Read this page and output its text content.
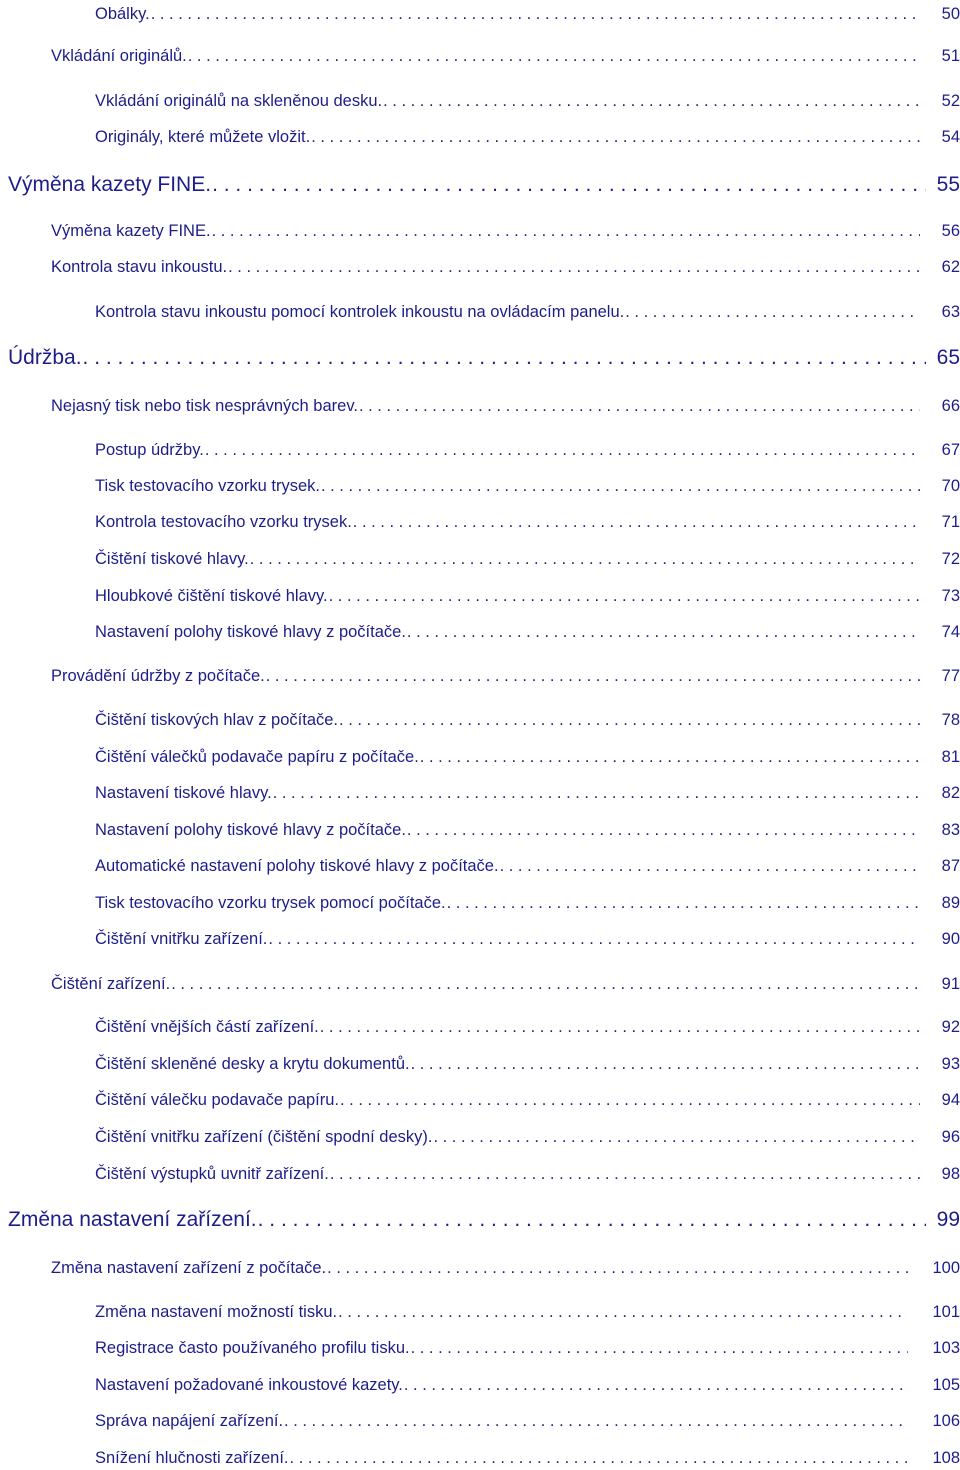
Obálky. . . .	50
Vkládání originálů. . . .	51
Vkládání originálů na skleněnou desku. . . .	52
Originály, které můžete vložit. . . .	54
Výměna kazety FINE. . . .	55
Výměna kazety FINE. . . .	56
Kontrola stavu inkoustu. . . .	62
Kontrola stavu inkoustu pomocí kontrolek inkoustu na ovládacím panelu. . . .	63
Údržba. . . .	65
Nejasný tisk nebo tisk nesprávných barev. . . .	66
Postup údržby. . . .	67
Tisk testovacího vzorku trysek. . . .	70
Kontrola testovacího vzorku trysek. . . .	71
Čištění tiskové hlavy. . . .	72
Hloubkové čištění tiskové hlavy. . . .	73
Nastavení polohy tiskové hlavy z počítače. . . .	74
Provádění údržby z počítače. . . .	77
Čištění tiskových hlav z počítače. . . .	78
Čištění válečků podavače papíru z počítače. . . .	81
Nastavení tiskové hlavy. . . .	82
Nastavení polohy tiskové hlavy z počítače. . . .	83
Automatické nastavení polohy tiskové hlavy z počítače. . . .	87
Tisk testovacího vzorku trysek pomocí počítače. . . .	89
Čištění vnitřku zařízení. . . .	90
Čištění zařízení. . . .	91
Čištění vnějších částí zařízení. . . .	92
Čištění skleněné desky a krytu dokumentů. . . .	93
Čištění válečku podavače papíru. . . .	94
Čištění vnitřku zařízení (čištění spodní desky). . . .	96
Čištění výstupků uvnitř zařízení. . . .	98
Změna nastavení zařízení. . . .	99
Změna nastavení zařízení z počítače. . . .	100
Změna nastavení možností tisku. . . .	101
Registrace často používaného profilu tisku. . . .	103
Nastavení požadované inkoustové kazety. . . .	105
Správa napájení zařízení. . . .	106
Snížení hlučnosti zařízení. . . .	108
